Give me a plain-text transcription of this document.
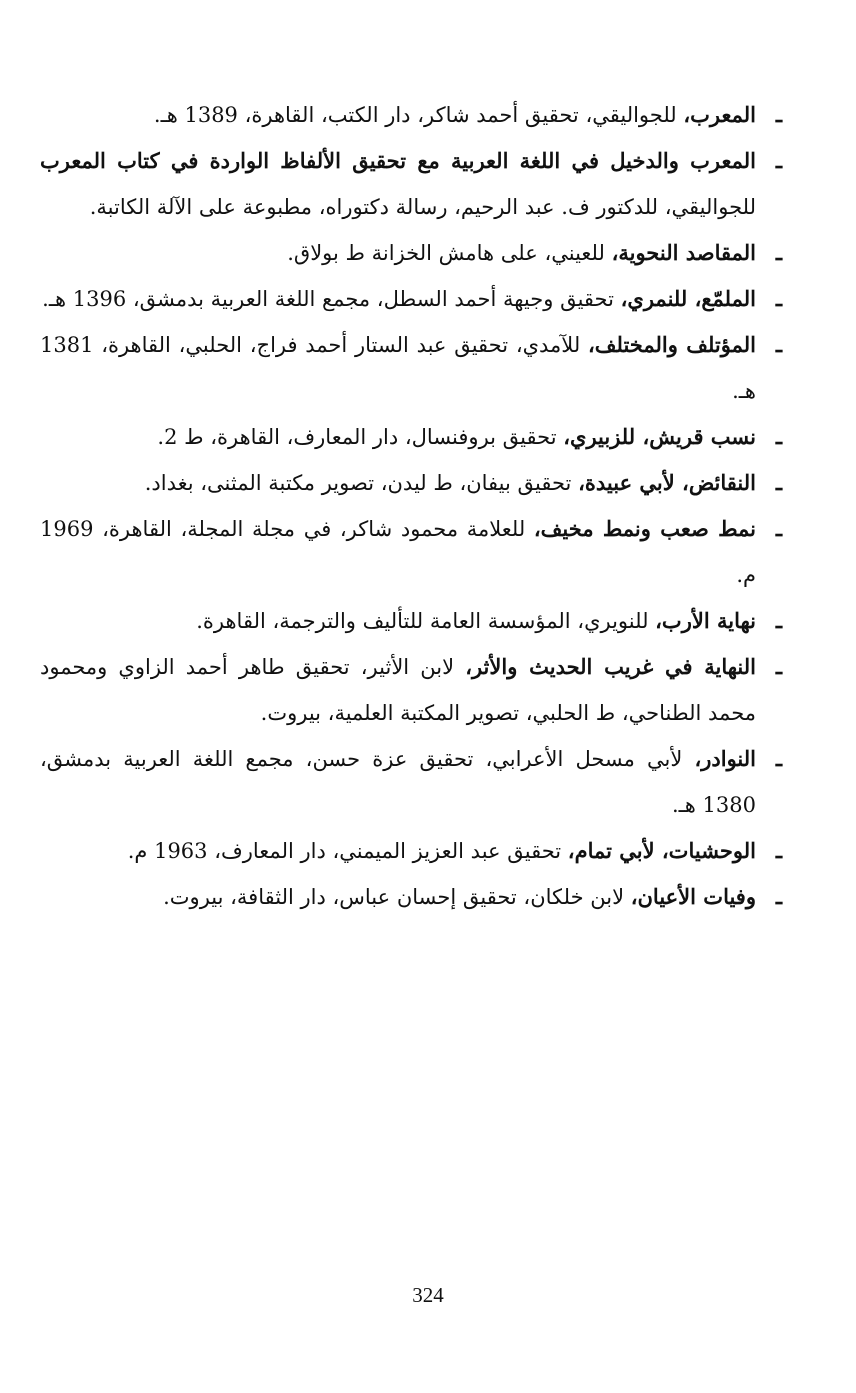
ـ
المعرب، للجواليقي، تحقيق أحمد شاكر، دار الكتب، القاهرة، 1389 هـ.

ـ
المعرب والدخيل في اللغة العربية مع تحقيق الألفاظ الواردة في كتاب المعرب للجواليقي، للدكتور ف. عبد الرحيم، رسالة دكتوراه، مطبوعة على الآلة الكاتبة.

ـ
المقاصد النحوية، للعيني، على هامش الخزانة ط بولاق.

ـ
الملمّع، للنمري، تحقيق وجيهة أحمد السطل، مجمع اللغة العربية بدمشق، 1396 هـ.

ـ
المؤتلف والمختلف، للآمدي، تحقيق عبد الستار أحمد فراج، الحلبي، القاهرة، 1381 هـ.

ـ
نسب قريش، للزبيري، تحقيق بروفنسال، دار المعارف، القاهرة، ط 2.

ـ
النقائض، لأبي عبيدة، تحقيق بيفان، ط ليدن، تصوير مكتبة المثنى، بغداد.

ـ
نمط صعب ونمط مخيف، للعلامة محمود شاكر، في مجلة المجلة، القاهرة، 1969 م.

ـ
نهاية الأرب، للنويري، المؤسسة العامة للتأليف والترجمة، القاهرة.

ـ
النهاية في غريب الحديث والأثر، لابن الأثير، تحقيق طاهر أحمد الزاوي ومحمود محمد الطناحي، ط الحلبي، تصوير المكتبة العلمية، بيروت.

ـ
النوادر، لأبي مسحل الأعرابي، تحقيق عزة حسن، مجمع اللغة العربية بدمشق، 1380 هـ.

ـ
الوحشيات، لأبي تمام، تحقيق عبد العزيز الميمني، دار المعارف، 1963 م.

ـ
وفيات الأعيان، لابن خلكان، تحقيق إحسان عباس، دار الثقافة، بيروت.

324
